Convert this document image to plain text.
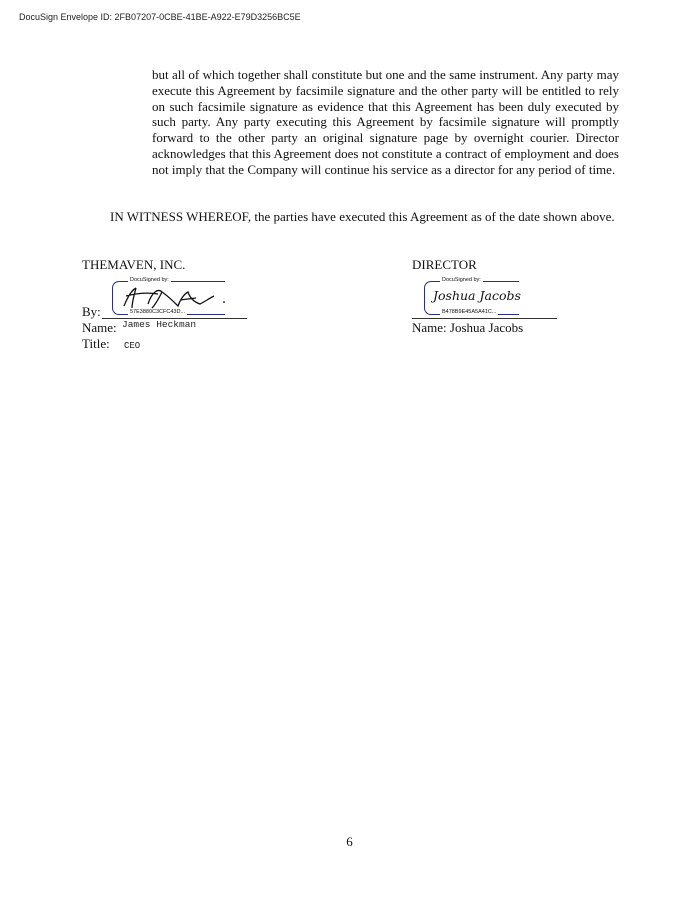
DocuSign Envelope ID: 2FB07207-0CBE-41BE-A922-E79D3256BC5E

but all of which together shall constitute but one and the same instrument. Any party may execute this Agreement by facsimile signature and the other party will be entitled to rely on such facsimile signature as evidence that this Agreement has been duly executed by such party. Any party executing this Agreement by facsimile signature will promptly forward to the other party an original signature page by overnight courier. Director acknowledges that this Agreement does not constitute a contract of employment and does not imply that the Company will continue his service as a director for any period of time.

IN WITNESS WHEREOF, the parties have executed this Agreement as of the date shown above.

THEMAVEN, INC.
DocuSigned by:
57E3880C3CFC43D...
By:
Name: James Heckman
Title: CEO
DIRECTOR
DocuSigned by:
Joshua Jacobs
B478B9E45A5A41C...
Name: Joshua Jacobs
6
